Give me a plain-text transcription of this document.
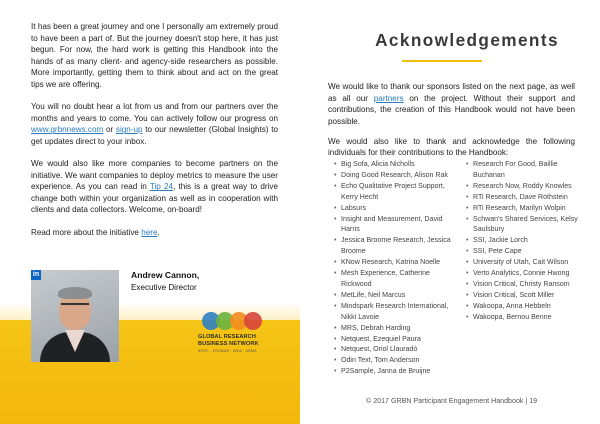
It has been a great journey and one I personally am extremely proud to have been a part of. But the journey doesn't stop here, it has just begun. For now, the hard work is getting this Handbook into the hands of as many client- and agency-side researchers as possible. More importantly, getting them to think about and act on the great tips we are offering.

You will no doubt hear a lot from us and from our partners over the months and years to come. You can actively follow our progress on www.grbnnews.com or sign-up to our newsletter (Global Insights) to get updates direct to your inbox.

We would also like more companies to become partners on the initiative. We want companies to deploy metrics to measure the user experience. As you can read in Tip 24, this is a great way to drive change both within your organization as well as in cooperation with clients and data collectors. Welcome, on-board!

Read more about the initiative here.

in	Andrew Cannon,
Executive Director
GLOBAL RESEARCH
BUSINESS NETWORK
APRC · ESOMAR · ARIA · ARMA
Acknowledgements

We would like to thank our sponsors listed on the next page, as well as all our partners on the project. Without their support and contributions, the creation of this Handbook would not have been possible.

We would also like to thank and acknowledge the following individuals for their contributions to the Handbook:

• Big Sofa, Alicia Nicholls
• Doing Good Research, Alison Rak
• Echo Qualitative Project Support, Kerry Hecht
• Labsurs
• Insight and Measurement, David Harris
• Jessica Broome Research, Jessica Broome
• KNow Research, Katrina Noelle
• Mesh Experience, Catherine Rickwood
• MetLife, Neil Marcus
• Mindspark Research International, Nikki Lavoie
• MRS, Debrah Harding
• Netquest, Ezequiel Paura
• Netquest, Oriol Llauradó
• Odin Text, Tom Anderson
• P2Sample, Janna de Bruijne
• Research For Good, Baillie Buchanan
• Research Now, Roddy Knowles
• RTi Research, Dave Rothstein
• RTi Research, Marilyn Wolpin
• Schwan's Shared Services, Kelsy Saulsbury
• SSI, Jackie Lorch
• SSI, Pete Cape
• University of Utah, Cait Wilson
• Verto Analytics, Connie Hwong
• Vision Critical, Christy Ransom
• Vision Critical, Scott Miller
• Wakoopa, Anna Hebbeln
• Wakoopa, Bernou Benne
© 2017 GRBN Participant Engagement Handbook | 19
